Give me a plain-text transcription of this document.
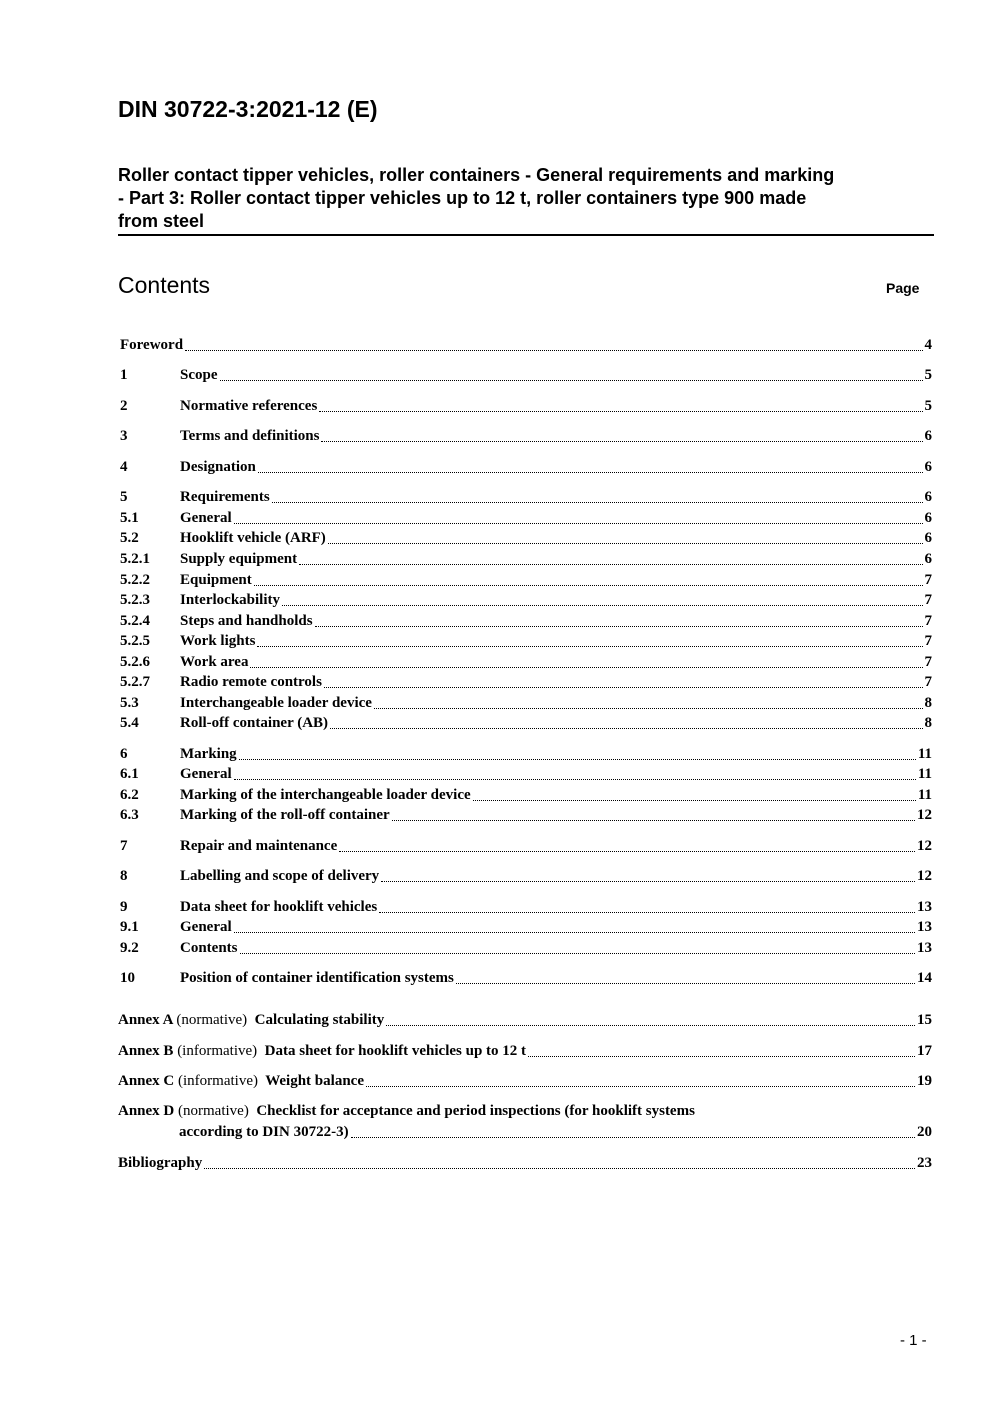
DIN 30722-3:2021-12 (E)
Roller contact tipper vehicles, roller containers - General requirements and marking
- Part 3: Roller contact tipper vehicles up to 12 t, roller containers type 900 made
from steel
Contents	Page
Foreword	4
1	Scope	5
2	Normative references	5
3	Terms and definitions	6
4	Designation	6
5	Requirements	6
5.1	General	6
5.2	Hooklift vehicle (ARF)	6
5.2.1	Supply equipment	6
5.2.2	Equipment	7
5.2.3	Interlockability	7
5.2.4	Steps and handholds	7
5.2.5	Work lights	7
5.2.6	Work area	7
5.2.7	Radio remote controls	7
5.3	Interchangeable loader device	8
5.4	Roll-off container (AB)	8
6	Marking	11
6.1	General	11
6.2	Marking of the interchangeable loader device	11
6.3	Marking of the roll-off container	12
7	Repair and maintenance	12
8	Labelling and scope of delivery	12
9	Data sheet for hooklift vehicles	13
9.1	General	13
9.2	Contents	13
10	Position of container identification systems	14
Annex A (normative) Calculating stability	15
Annex B (informative) Data sheet for hooklift vehicles up to 12 t	17
Annex C (informative) Weight balance	19
Annex D (normative) Checklist for acceptance and period inspections (for hooklift systems
according to DIN 30722-3)	20
Bibliography	23
- 1 -
